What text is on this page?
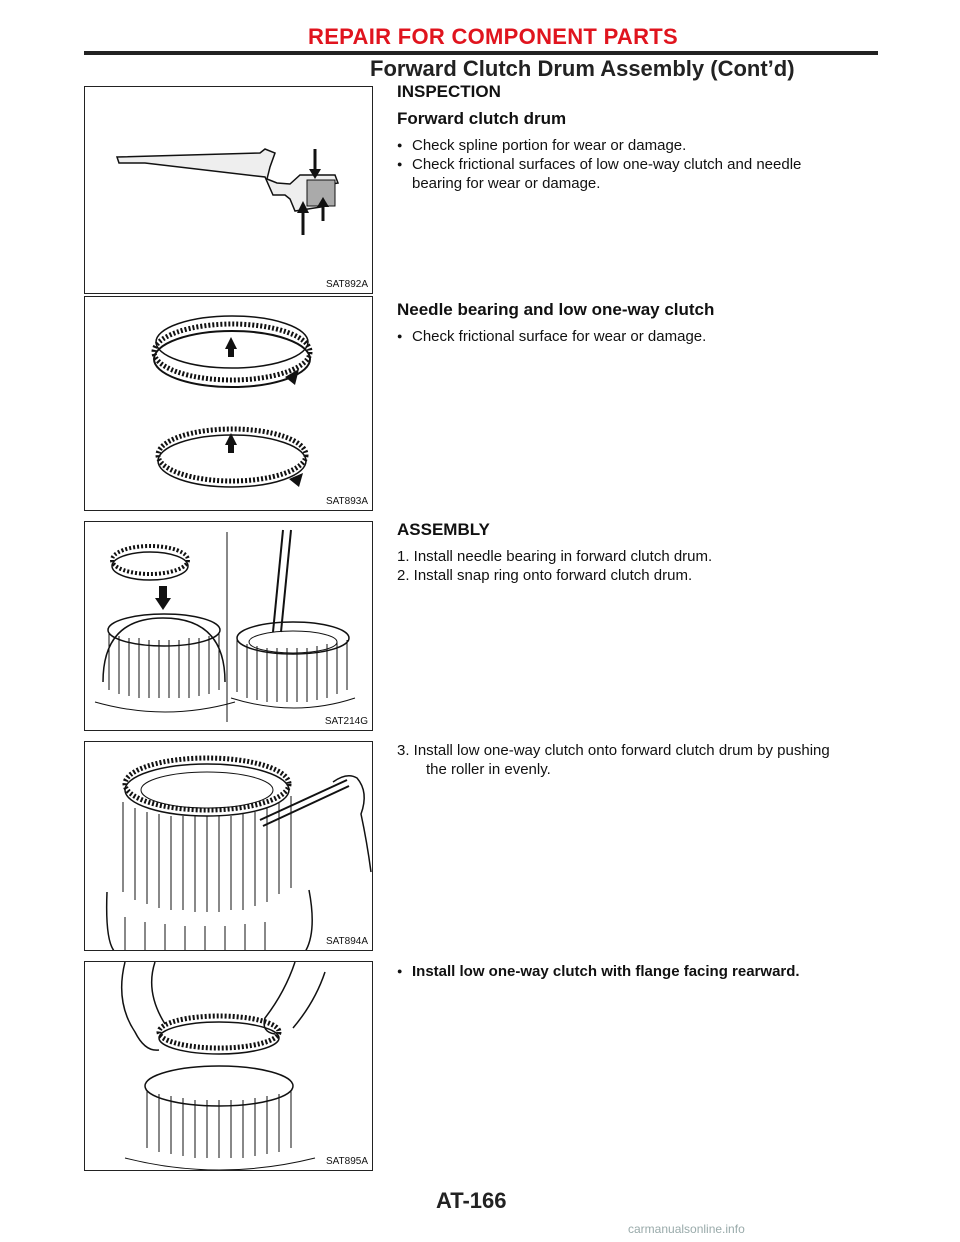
REPAIR FOR COMPONENT PARTS
Forward Clutch Drum Assembly (Cont’d)
SAT892A
SAT893A
SAT214G
SAT894A
SAT895A
INSPECTION
Forward clutch drum
● Check spline portion for wear or damage.
● Check frictional surfaces of low one-way clutch and needle
bearing for wear or damage.
Needle bearing and low one-way clutch
● Check frictional surface for wear or damage.
ASSEMBLY
1. Install needle bearing in forward clutch drum.
2. Install snap ring onto forward clutch drum.
3. Install low one-way clutch onto forward clutch drum by pushing
the roller in evenly.
● Install low one-way clutch with flange facing rearward.
AT-166
carmanualsonline.info
